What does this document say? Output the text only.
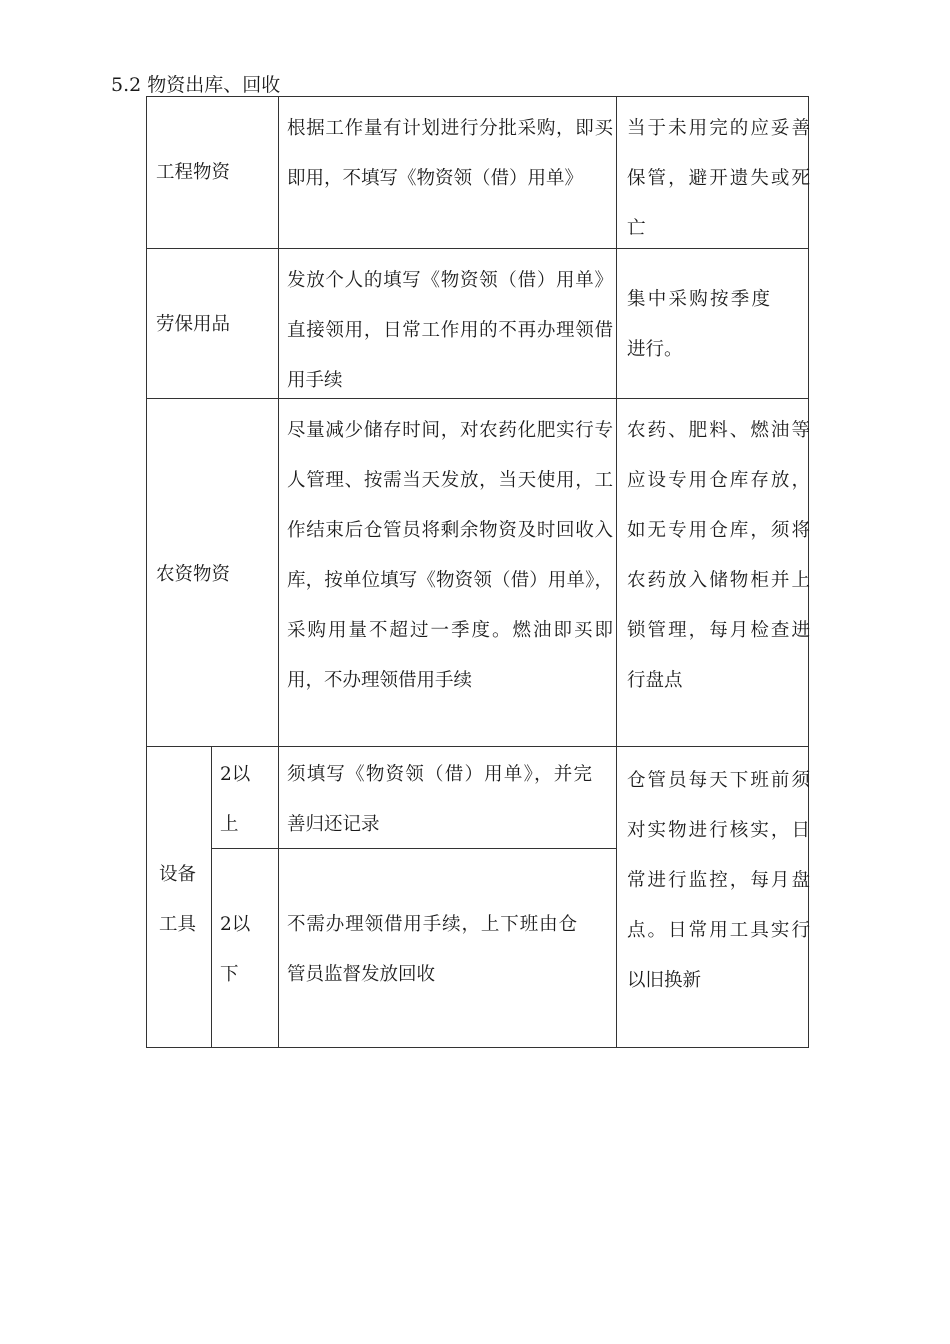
5.2 物资出库、回收
工程物资
根据工作量有计划进行分批采购，即买即用，不填写《物资领（借）用单》
当于未用完的应妥善保管，避开遗失或死亡
劳保用品
发放个人的填写《物资领（借）用单》直接领用，日常工作用的不再办理领借用手续
集中采购按季度进行。
农资物资
尽量减少储存时间，对农药化肥实行专人管理、按需当天发放，当天使用，工作结束后仓管员将剩余物资及时回收入库，按单位填写《物资领（借）用单》，采购用量不超过一季度。燃油即买即用，不办理领借用手续
农药、肥料、燃油等应设专用仓库存放，如无专用仓库，须将农药放入储物柜并上锁管理，每月检查进行盘点
设备工具
2以上
须填写《物资领（借）用单》，并完善归还记录
2以下
不需办理领借用手续，上下班由仓管员监督发放回收
仓管员每天下班前须对实物进行核实，日常进行监控，每月盘点。日常用工具实行以旧换新
